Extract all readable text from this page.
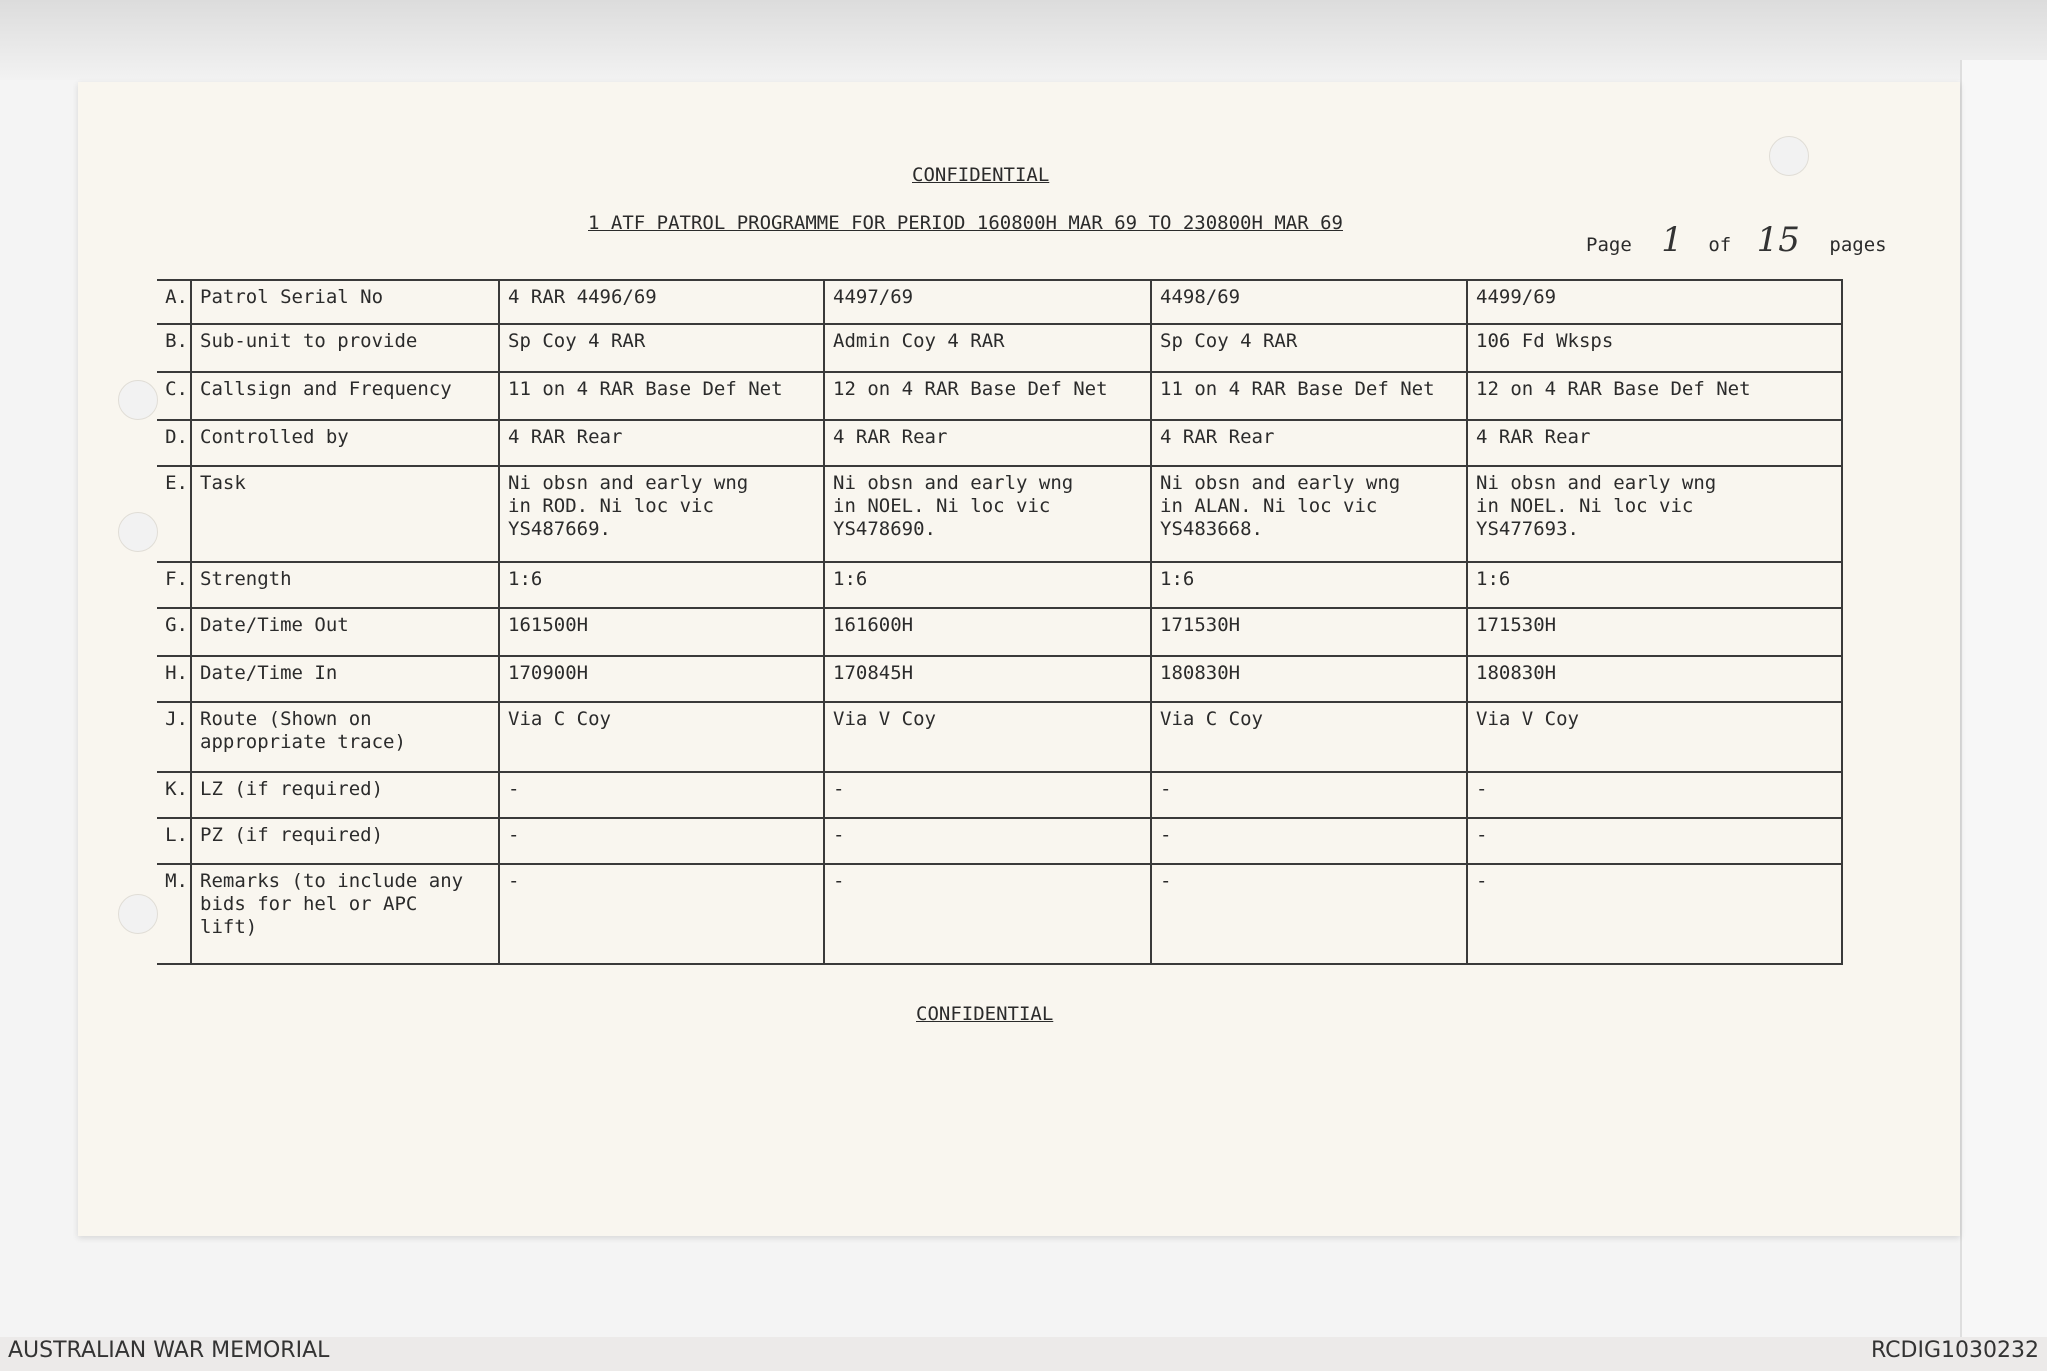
CONFIDENTIAL
1 ATF PATROL PROGRAMME FOR PERIOD 160800H MAR 69 TO 230800H MAR 69
Page 1 of 15 pages
A.	Patrol Serial No	4 RAR 4496/69	4497/69	4498/69	4499/69
B.	Sub-unit to provide	Sp Coy 4 RAR	Admin Coy 4 RAR	Sp Coy 4 RAR	106 Fd Wksps
C.	Callsign and Frequency	11 on 4 RAR Base Def Net	12 on 4 RAR Base Def Net	11 on 4 RAR Base Def Net	12 on 4 RAR Base Def Net
D.	Controlled by	4 RAR Rear	4 RAR Rear	4 RAR Rear	4 RAR Rear
E.	Task	Ni obsn and early wng
in ROD. Ni loc vic
YS487669.	Ni obsn and early wng
in NOEL. Ni loc vic
YS478690.	Ni obsn and early wng
in ALAN. Ni loc vic
YS483668.	Ni obsn and early wng
in NOEL. Ni loc vic
YS477693.
F.	Strength	1:6	1:6	1:6	1:6
G.	Date/Time Out	161500H	161600H	171530H	171530H
H.	Date/Time In	170900H	170845H	180830H	180830H
J.	Route (Shown on
appropriate trace)	Via C Coy	Via V Coy	Via C Coy	Via V Coy
K.	LZ (if required)	-	-	-	-
L.	PZ (if required)	-	-	-	-
M.	Remarks (to include any
bids for hel or APC
lift)	-	-	-	-
CONFIDENTIAL
AUSTRALIAN WAR MEMORIAL	RCDIG1030232
